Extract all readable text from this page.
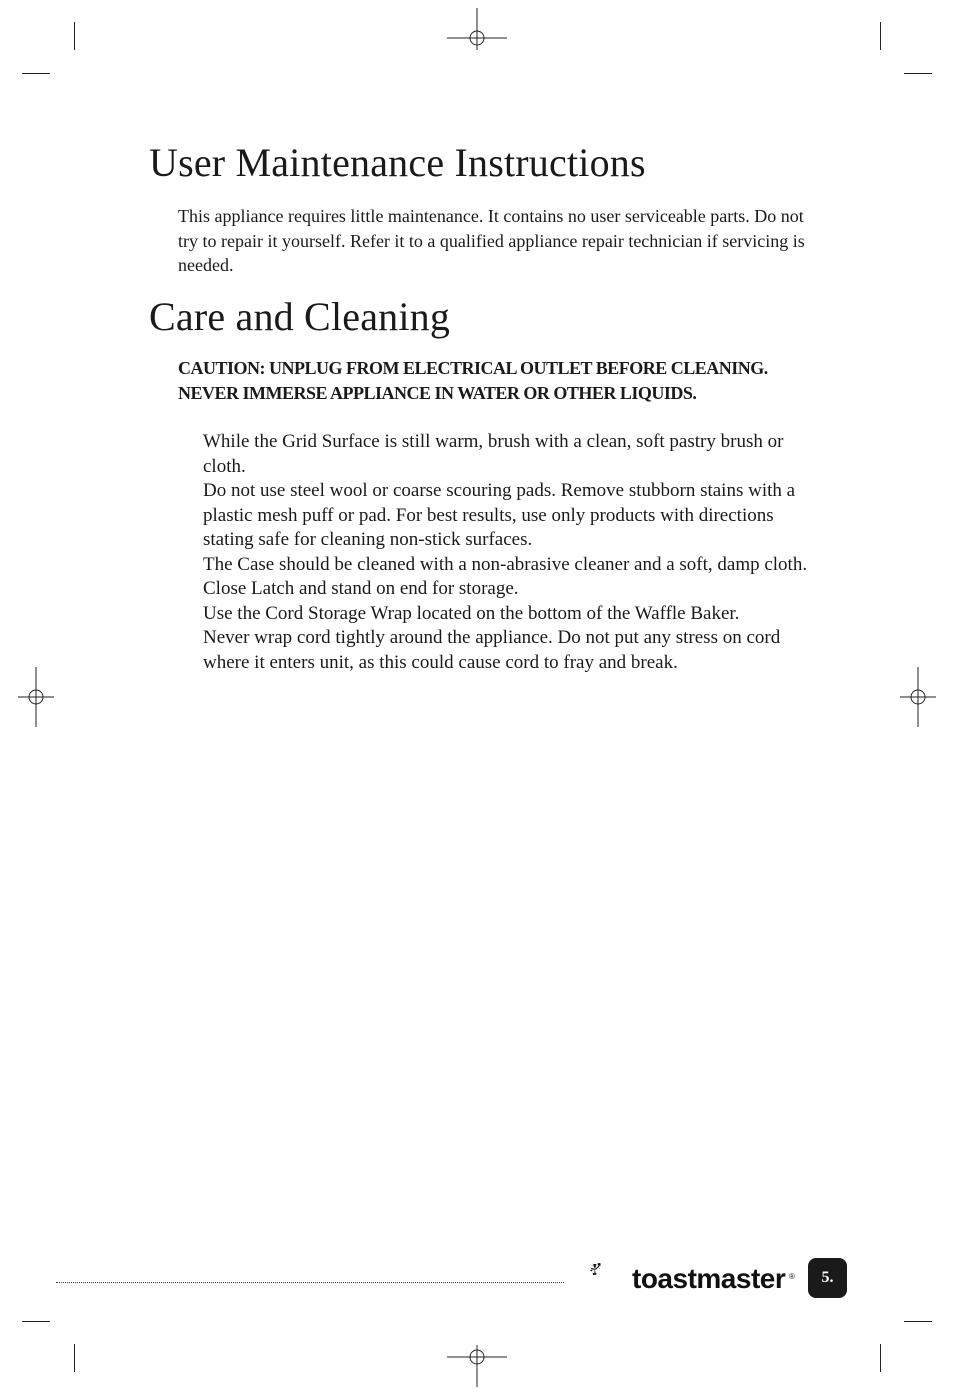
User Maintenance Instructions

This appliance requires little maintenance. It contains no user serviceable parts. Do not try to repair it yourself. Refer it to a qualified appliance repair technician if servicing is needed.

Care and Cleaning

CAUTION: UNPLUG FROM ELECTRICAL OUTLET BEFORE CLEANING. NEVER IMMERSE APPLIANCE IN WATER OR OTHER LIQUIDS.

While the Grid Surface is still warm, brush with a clean, soft pastry brush or cloth.
Do not use steel wool or coarse scouring pads. Remove stubborn stains with a plastic mesh puff or pad. For best results, use only products with directions stating safe for cleaning non-stick surfaces.
The Case should be cleaned with a non-abrasive cleaner and a soft, damp cloth.
Close Latch and stand on end for storage.
Use the Cord Storage Wrap located on the bottom of the Waffle Baker.
Never wrap cord tightly around the appliance. Do not put any stress on cord where it enters unit, as this could cause cord to fray and break.
toastmaster ® 5.
